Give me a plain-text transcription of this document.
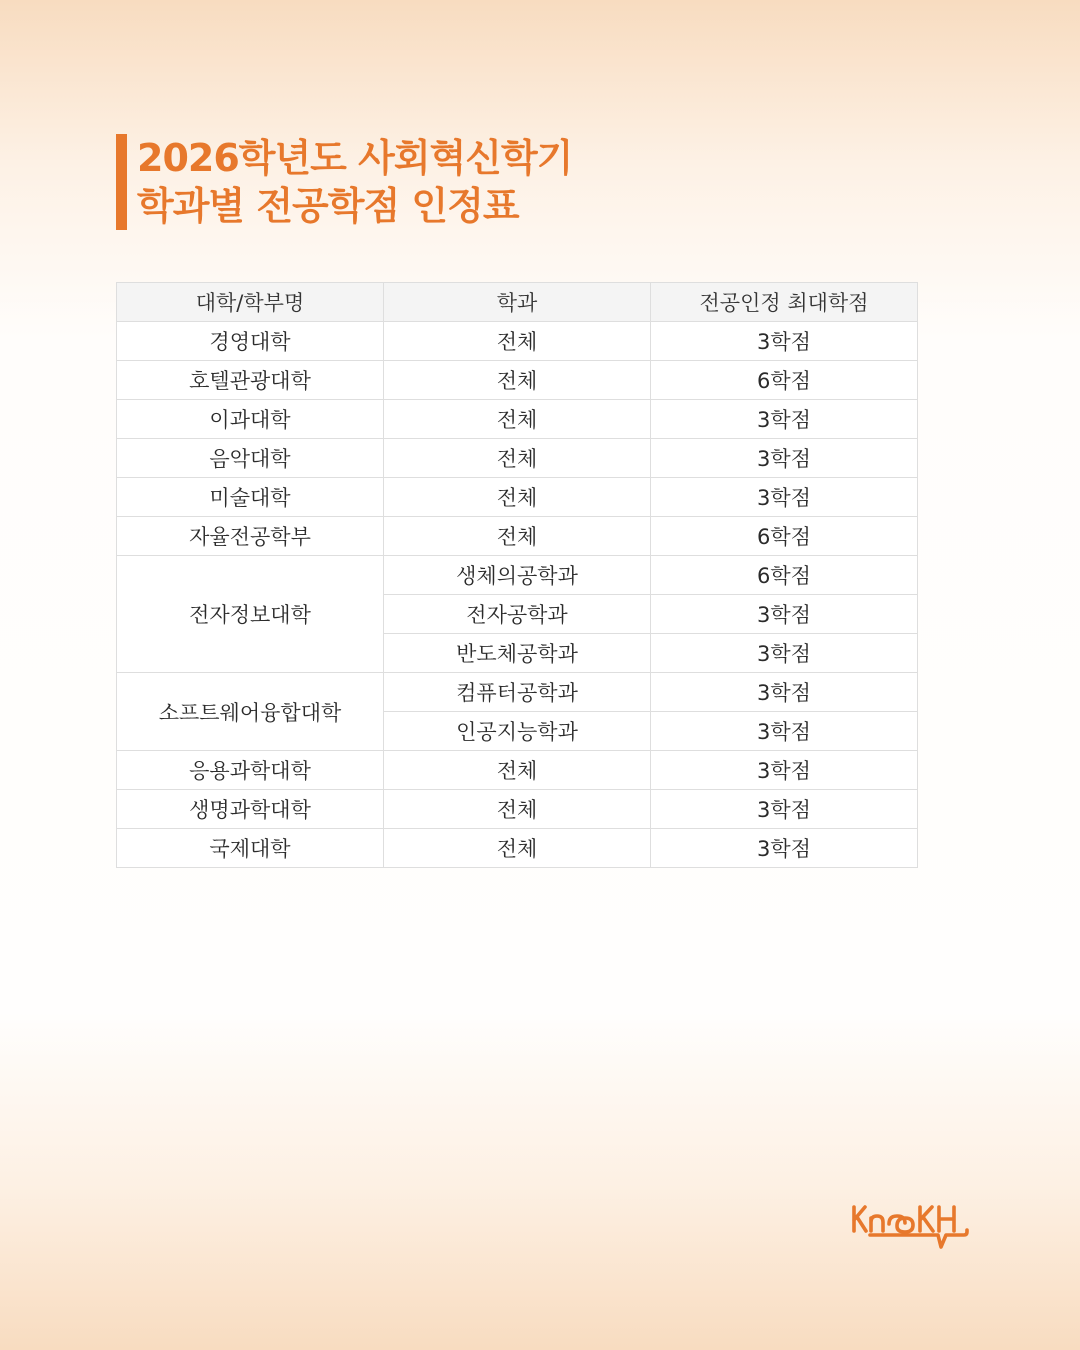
2026학년도 사회혁신학기
학과별 전공학점 인정표
대학/학부명	학과	전공인정 최대학점
경영대학	전체	3학점
호텔관광대학	전체	6학점
이과대학	전체	3학점
음악대학	전체	3학점
미술대학	전체	3학점
자율전공학부	전체	6학점
전자정보대학	생체의공학과	6학점
	전자공학과	3학점
	반도체공학과	3학점
소프트웨어융합대학	컴퓨터공학과	3학점
	인공지능학과	3학점
응용과학대학	전체	3학점
생명과학대학	전체	3학점
국제대학	전체	3학점
